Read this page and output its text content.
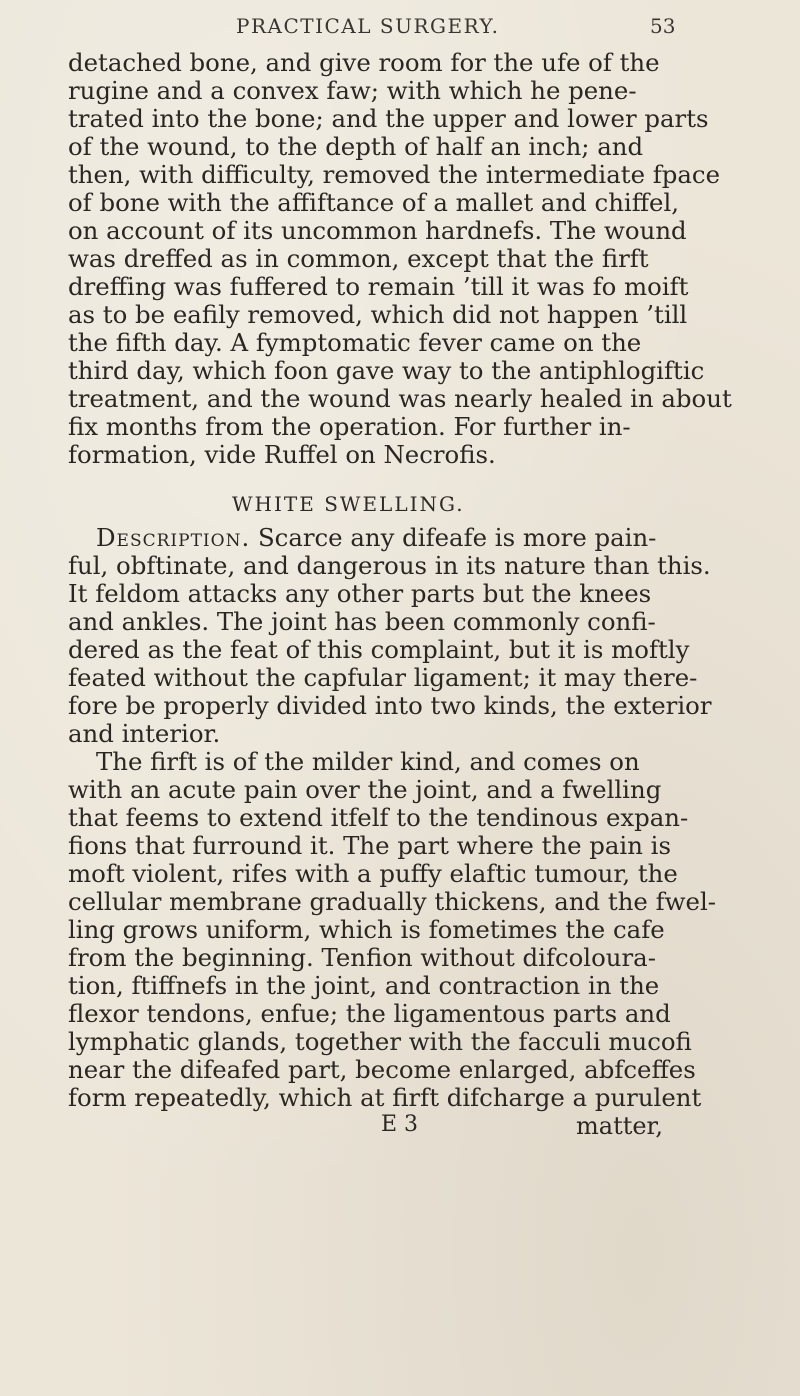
PRACTICAL SURGERY.	53
detached bone, and give room for the ufe of the
rugine and a convex faw; with which he pene-
trated into the bone; and the upper and lower parts
of the wound, to the depth of half an inch; and
then, with difficulty, removed the intermediate fpace
of bone with the affiftance of a mallet and chiffel,
on account of its uncommon hardnefs. The wound
was dreffed as in common, except that the firft
dreffing was fuffered to remain ’till it was fo moift
as to be eafily removed, which did not happen ’till
the fifth day. A fymptomatic fever came on the
third day, which foon gave way to the antiphlogiftic
treatment, and the wound was nearly healed in about
fix months from the operation. For further in-
formation, vide Ruffel on Necrofis.
WHITE SWELLING.
Description. Scarce any difeafe is more pain-
ful, obftinate, and dangerous in its nature than this.
It feldom attacks any other parts but the knees
and ankles. The joint has been commonly confi-
dered as the feat of this complaint, but it is moftly
feated without the capfular ligament; it may there-
fore be properly divided into two kinds, the exterior
and interior.
The firft is of the milder kind, and comes on
with an acute pain over the joint, and a fwelling
that feems to extend itfelf to the tendinous expan-
fions that furround it. The part where the pain is
moft violent, rifes with a puffy elaftic tumour, the
cellular membrane gradually thickens, and the fwel-
ling grows uniform, which is fometimes the cafe
from the beginning. Tenfion without difcoloura-
tion, ftiffnefs in the joint, and contraction in the
flexor tendons, enfue; the ligamentous parts and
lymphatic glands, together with the facculi mucofi
near the difeafed part, become enlarged, abfceffes
form repeatedly, which at firft difcharge a purulent
E 3	matter,
